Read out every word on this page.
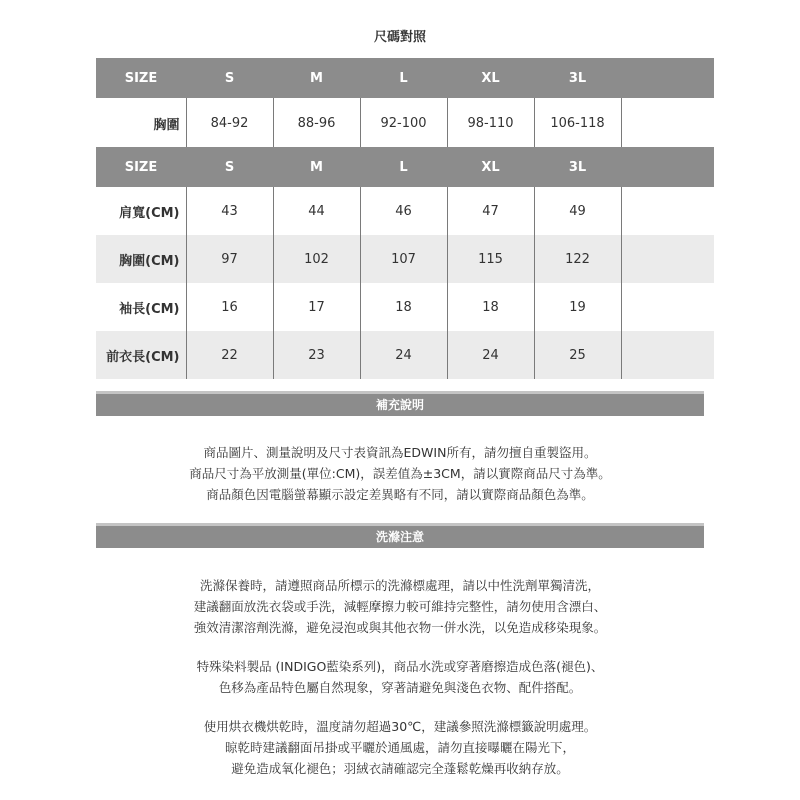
尺碼對照
SIZE	S	M	L	XL	3L	
胸圍	84-92	88-96	92-100	98-110	106-118	
SIZE	S	M	L	XL	3L	
肩寬(CM)	43	44	46	47	49	
胸圍(CM)	97	102	107	115	122	
袖長(CM)	16	17	18	18	19	
前衣長(CM)	22	23	24	24	25	
補充說明

商品圖片、測量說明及尺寸表資訊為EDWIN所有，請勿擅自重製盜用。

商品尺寸為平放測量(單位:CM)，誤差值為±3CM，請以實際商品尺寸為準。

商品顏色因電腦螢幕顯示設定差異略有不同，請以實際商品顏色為準。

洗滌注意

洗滌保養時，請遵照商品所標示的洗滌標處理，請以中性洗劑單獨清洗，

建議翻面放洗衣袋或手洗，減輕摩擦力較可維持完整性，請勿使用含漂白、

強效清潔溶劑洗滌，避免浸泡或與其他衣物一併水洗，以免造成移染現象。

特殊染料製品 (INDIGO藍染系列)，商品水洗或穿著磨擦造成色落(褪色)、

色移為產品特色屬自然現象，穿著請避免與淺色衣物、配件搭配。

使用烘衣機烘乾時，溫度請勿超過30℃，建議參照洗滌標籤說明處理。

晾乾時建議翻面吊掛或平曬於通風處，請勿直接曝曬在陽光下，

避免造成氧化褪色；羽絨衣請確認完全蓬鬆乾燥再收納存放。
